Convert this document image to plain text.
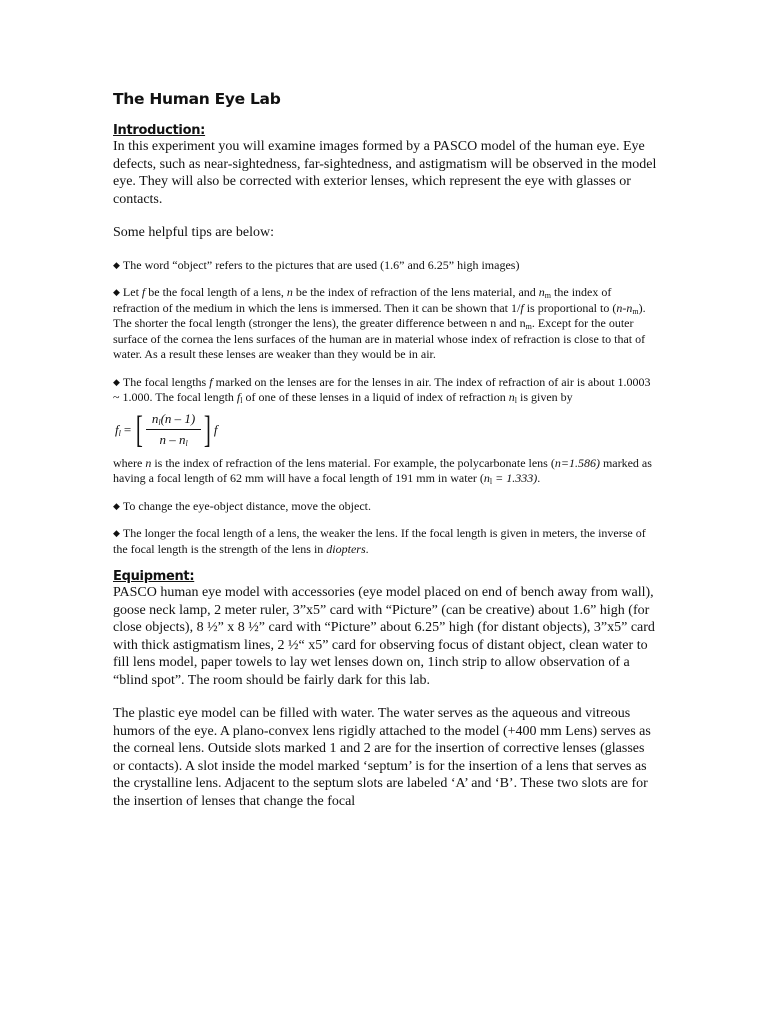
The Human Eye Lab
Introduction:

In this experiment you will examine images formed by a PASCO model of the human eye. Eye defects, such as near-sightedness, far-sightedness, and astigmatism will be observed in the model eye. They will also be corrected with exterior lenses, which represent the eye with glasses or contacts.

Some helpful tips are below:

◆ The word “object” refers to the pictures that are used (1.6” and 6.25” high images)

◆ Let f be the focal length of a lens, n be the index of refraction of the lens material, and $n_m$ the index of refraction of the medium in which the lens is immersed. Then it can be shown that 1/f is proportional to $(n-n_m)$. The shorter the focal length (stronger the lens), the greater difference between n and $n_m$. Except for the outer surface of the cornea the lens surfaces of the human are in material whose index of refraction is close to that of water. As a result these lenses are weaker than they would be in air.

◆ The focal lengths f marked on the lenses are for the lenses in air. The index of refraction of air is about 1.0003 ~ 1.000. The focal length $f_l$ of one of these lenses in a liquid of index of refraction $n_l$ is given by

$f_l$ = [ $\frac{n_l(n - 1)}{n - n_l}$ ] f

where n is the index of refraction of the lens material. For example, the polycarbonate lens (n=1.586) marked as having a focal length of 62 mm will have a focal length of 191 mm in water $(n_l = 1.333)$.

◆ To change the eye-object distance, move the object.

◆ The longer the focal length of a lens, the weaker the lens. If the focal length is given in meters, the inverse of the focal length is the strength of the lens in diopters.

Equipment:

PASCO human eye model with accessories (eye model placed on end of bench away from wall), goose neck lamp, 2 meter ruler, 3”x5” card with “Picture” (can be creative) about 1.6” high (for close objects), 8 ½” x 8 ½” card with “Picture” about 6.25” high (for distant objects), 3”x5” card with thick astigmatism lines, 2 ½“ x5” card for observing focus of distant object, clean water to fill lens model, paper towels to lay wet lenses down on, 1inch strip to allow observation of a “blind spot”. The room should be fairly dark for this lab.

The plastic eye model can be filled with water. The water serves as the aqueous and vitreous humors of the eye. A plano-convex lens rigidly attached to the model (+400 mm Lens) serves as the corneal lens. Outside slots marked 1 and 2 are for the insertion of corrective lenses (glasses or contacts). A slot inside the model marked ‘septum’ is for the insertion of a lens that serves as the crystalline lens. Adjacent to the septum slots are labeled ‘A’ and ‘B’. These two slots are for the insertion of lenses that change the focal
